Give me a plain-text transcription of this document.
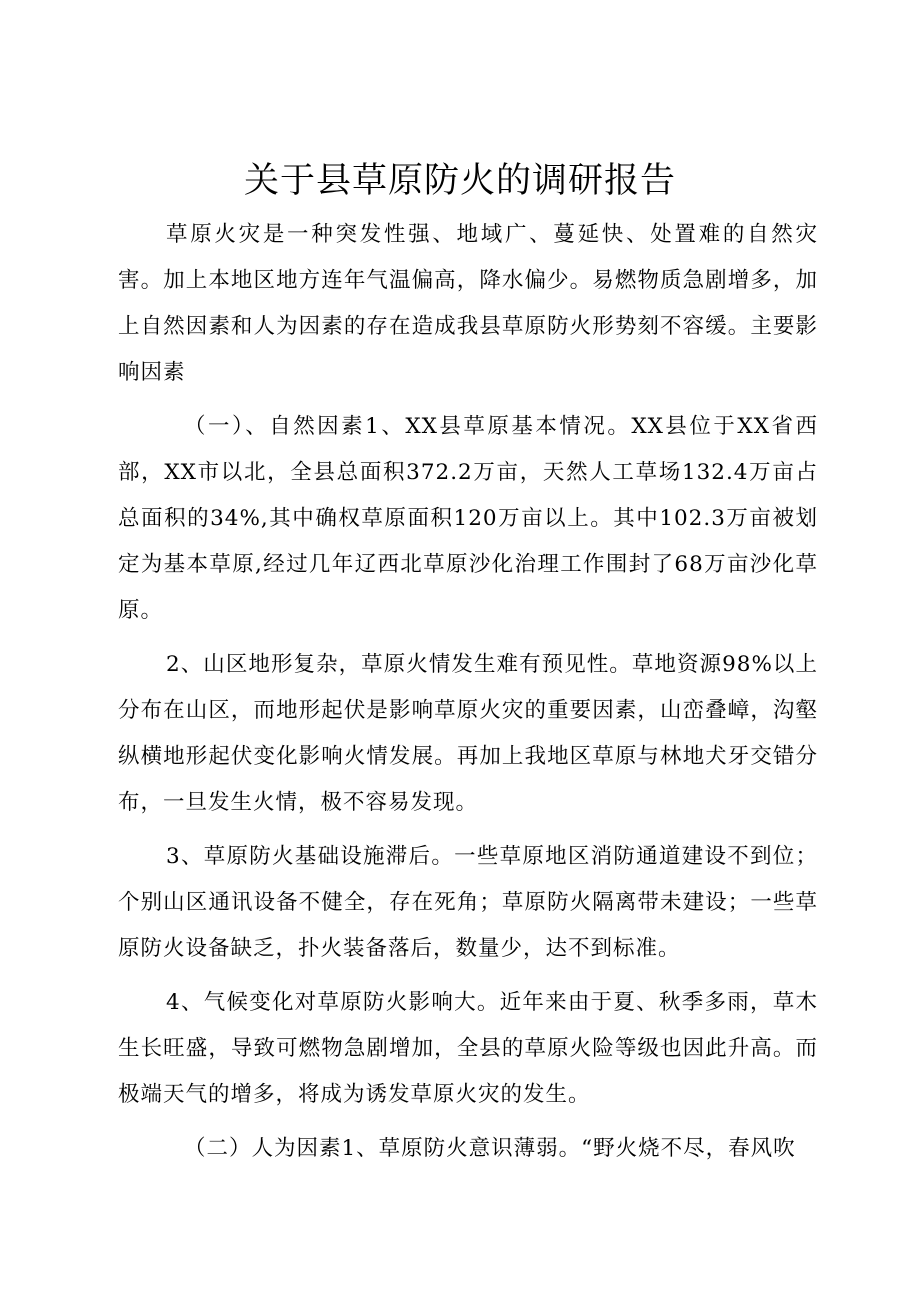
关于县草原防火的调研报告

草原火灾是一种突发性强、地域广、蔓延快、处置难的自然灾害。加上本地区地方连年气温偏高，降水偏少。易燃物质急剧增多，加上自然因素和人为因素的存在造成我县草原防火形势刻不容缓。主要影响因素

（一）、自然因素1、XX县草原基本情况。XX县位于XX省西部，XX市以北，全县总面积372.2万亩，天然人工草场132.4万亩占总面积的34%,其中确权草原面积120万亩以上。其中102.3万亩被划定为基本草原,经过几年辽西北草原沙化治理工作围封了68万亩沙化草原。

2、山区地形复杂，草原火情发生难有预见性。草地资源98%以上分布在山区，而地形起伏是影响草原火灾的重要因素，山峦叠嶂，沟壑纵横地形起伏变化影响火情发展。再加上我地区草原与林地犬牙交错分布，一旦发生火情，极不容易发现。

3、草原防火基础设施滞后。一些草原地区消防通道建设不到位；个别山区通讯设备不健全，存在死角；草原防火隔离带未建设；一些草原防火设备缺乏，扑火装备落后，数量少，达不到标准。

4、气候变化对草原防火影响大。近年来由于夏、秋季多雨，草木生长旺盛，导致可燃物急剧增加，全县的草原火险等级也因此升高。而极端天气的增多，将成为诱发草原火灾的发生。

（二）人为因素1、草原防火意识薄弱。“野火烧不尽，春风吹
